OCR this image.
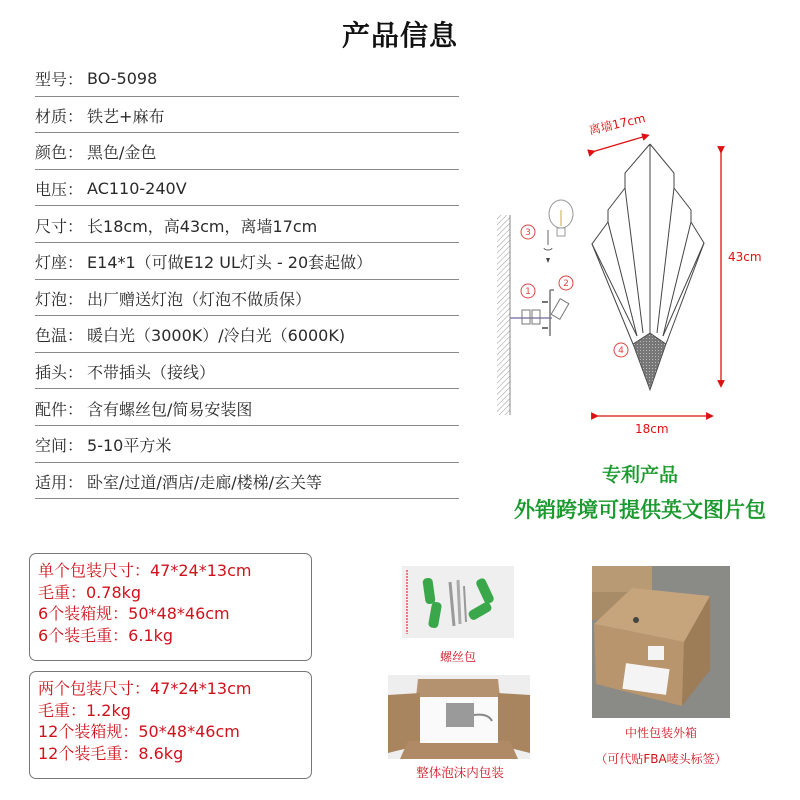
产品信息
型号 ： BO-5098
材质 ： 铁艺+麻布
颜色 ： 黑色/金色
电压 ： AC110-240V
尺寸 ： 长18cm，高43cm，离墙17cm
灯座 ： E14*1（可做E12 UL灯头 - 20套起做）
灯泡 ： 出厂赠送灯泡（灯泡不做质保）
色温 ： 暖白光（3000K）/冷白光（6000K)
插头 ： 不带插头（接线）
配件 ： 含有螺丝包/简易安装图
空间 ： 5-10平方米
适用 ： 卧室/过道/酒店/走廊/楼梯/玄关等
3
1
2
4
离墙17cm
43cm
18cm
专利产品
外销跨境可提供英文图片包
单个包装尺寸：47*24*13cm
毛重：0.78kg
6个装箱规：50*48*46cm
6个装毛重：6.1kg
两个包装尺寸：47*24*13cm
毛重：1.2kg
12个装箱规：50*48*46cm
12个装毛重：8.6kg
螺丝包
整体泡沫内包装
中性包装外箱
（可代贴FBA唛头标签）
